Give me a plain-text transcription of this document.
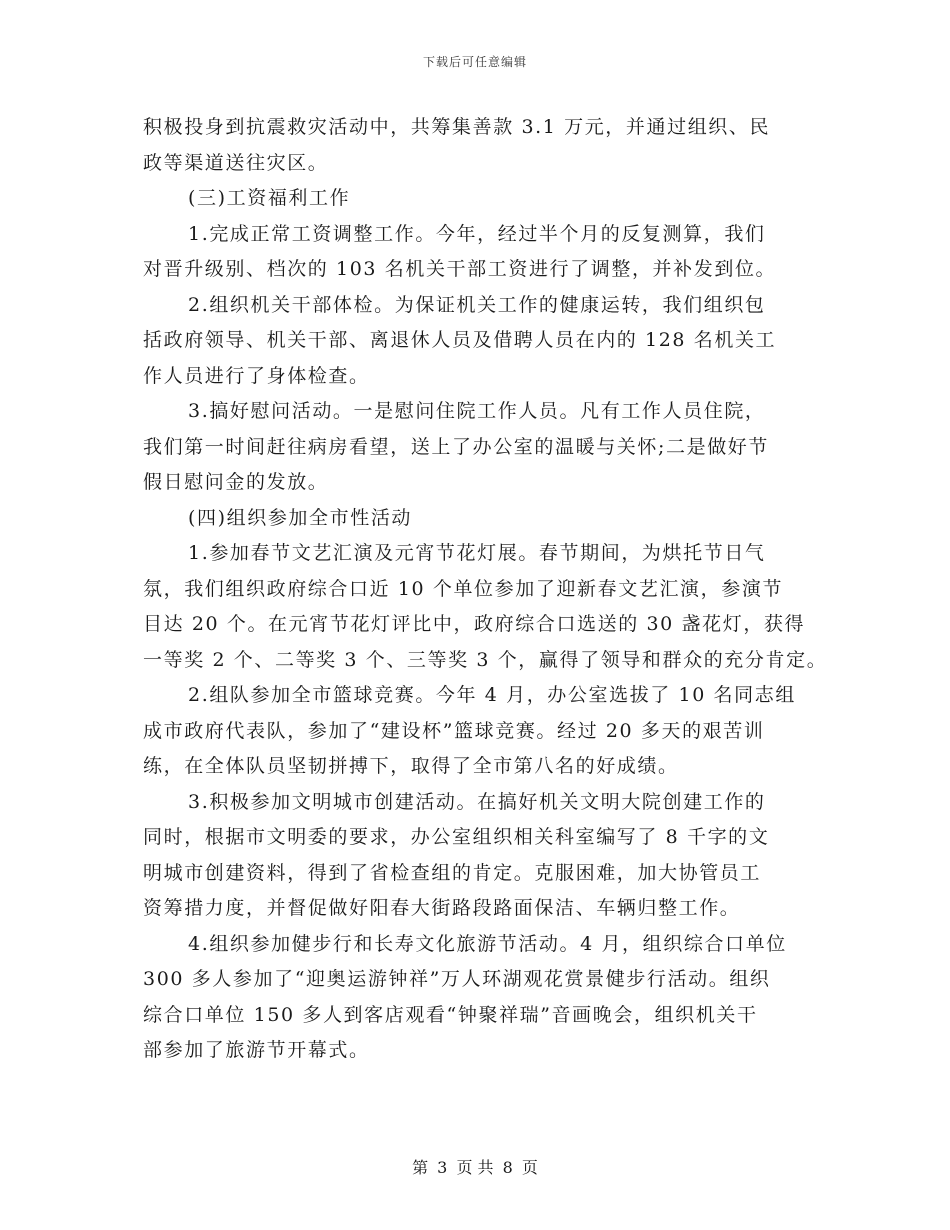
下载后可任意编辑
积极投身到抗震救灾活动中，共筹集善款 3.1 万元，并通过组织、民
政等渠道送往灾区。
(三)工资福利工作
1.完成正常工资调整工作。今年，经过半个月的反复测算，我们
对晋升级别、档次的 103 名机关干部工资进行了调整，并补发到位。
2.组织机关干部体检。为保证机关工作的健康运转，我们组织包
括政府领导、机关干部、离退休人员及借聘人员在内的 128 名机关工
作人员进行了身体检查。
3.搞好慰问活动。一是慰问住院工作人员。凡有工作人员住院，
我们第一时间赶往病房看望，送上了办公室的温暖与关怀;二是做好节
假日慰问金的发放。
(四)组织参加全市性活动
1.参加春节文艺汇演及元宵节花灯展。春节期间，为烘托节日气
氛，我们组织政府综合口近 10 个单位参加了迎新春文艺汇演，参演节
目达 20 个。在元宵节花灯评比中，政府综合口选送的 30 盏花灯，获得
一等奖 2 个、二等奖 3 个、三等奖 3 个，赢得了领导和群众的充分肯定。
2.组队参加全市篮球竞赛。今年 4 月，办公室选拔了 10 名同志组
成市政府代表队，参加了“建设杯”篮球竞赛。经过 20 多天的艰苦训
练，在全体队员坚韧拼搏下，取得了全市第八名的好成绩。
3.积极参加文明城市创建活动。在搞好机关文明大院创建工作的
同时，根据市文明委的要求，办公室组织相关科室编写了 8 千字的文
明城市创建资料，得到了省检查组的肯定。克服困难，加大协管员工
资筹措力度，并督促做好阳春大街路段路面保洁、车辆归整工作。
4.组织参加健步行和长寿文化旅游节活动。4 月，组织综合口单位
300 多人参加了“迎奥运游钟祥”万人环湖观花赏景健步行活动。组织
综合口单位 150 多人到客店观看“钟聚祥瑞”音画晚会，组织机关干
部参加了旅游节开幕式。
第 3 页 共 8 页
